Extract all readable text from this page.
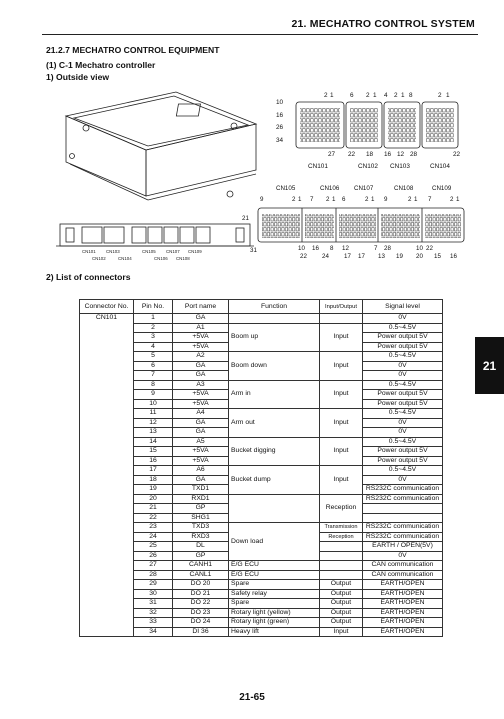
21. MECHATRO CONTROL SYSTEM
21.2.7 MECHATRO CONTROL EQUIPMENT
(1) C-1 Mechatro controller
1) Outside view
CN101 CN103	CN105 CN107 CN109
CN102	CN104	CN106 CN108
2 1	6 2 1 4 2 1 8	2 1
10
16
26
34
27 22 18 16 12 28	22
CN101	CN102 CN103	CN104
CN105	CN106 CN107	CN108	CN109
9	2 1 7 2 1 6	2 1 9	2 1 7	2 1
21
31	10 16 8 12	7 28	10 22
22 24 17 17 13 19 20 15 16
2) List of connectors
Connector No.	Pin No.	Port name	Function	Input/Output	Signal level	
CN101	1	GA			0V	
	2	A1	Boom up	Input	0.5~4.5V	
	3	+5VA			Power output 5V	
	4	+5VA			Power output 5V	
	5	A2	Boom down	Input	0.5~4.5V	
	6	GA			0V	
	7	GA			0V	
	8	A3	Arm in	Input	0.5~4.5V	
	9	+5VA			Power output 5V	
	10	+5VA			Power output 5V	
	11	A4	Arm out	Input	0.5~4.5V	
	12	GA			0V	
	13	GA			0V	
	14	A5	Bucket digging	Input	0.5~4.5V	
	15	+5VA			Power output 5V	
	16	+5VA			Power output 5V	
	17	A6	Bucket dump	Input	0.5~4.5V	
	18	GA			0V	
	19	TXD1			RS232C communication	
	20	RXD1		Reception	RS232C communication	
	21	GP		
	22	SHG1		
	23	TXD3	Down load	Transmission	RS232C communication	
	24	RXD3		Reception	RS232C communication	
	25	DL			EARTH / OPEN(5V)	
	26	GP			0V	
	27	CANH1	E/G ECU		CAN communication	
	28	CANL1	E/G ECU		CAN communication	
	29	DO 20	Spare	Output	EARTH/OPEN	
	30	DO 21	Safety relay	Output	EARTH/OPEN	
	31	DO 22	Spare	Output	EARTH/OPEN	
	32	DO 23	Rotary light (yellow)	Output	EARTH/OPEN	
	33	DO 24	Rotary light (green)	Output	EARTH/OPEN	
	34	DI 36	Heavy lift	Input	EARTH/OPEN	
21
21-65
